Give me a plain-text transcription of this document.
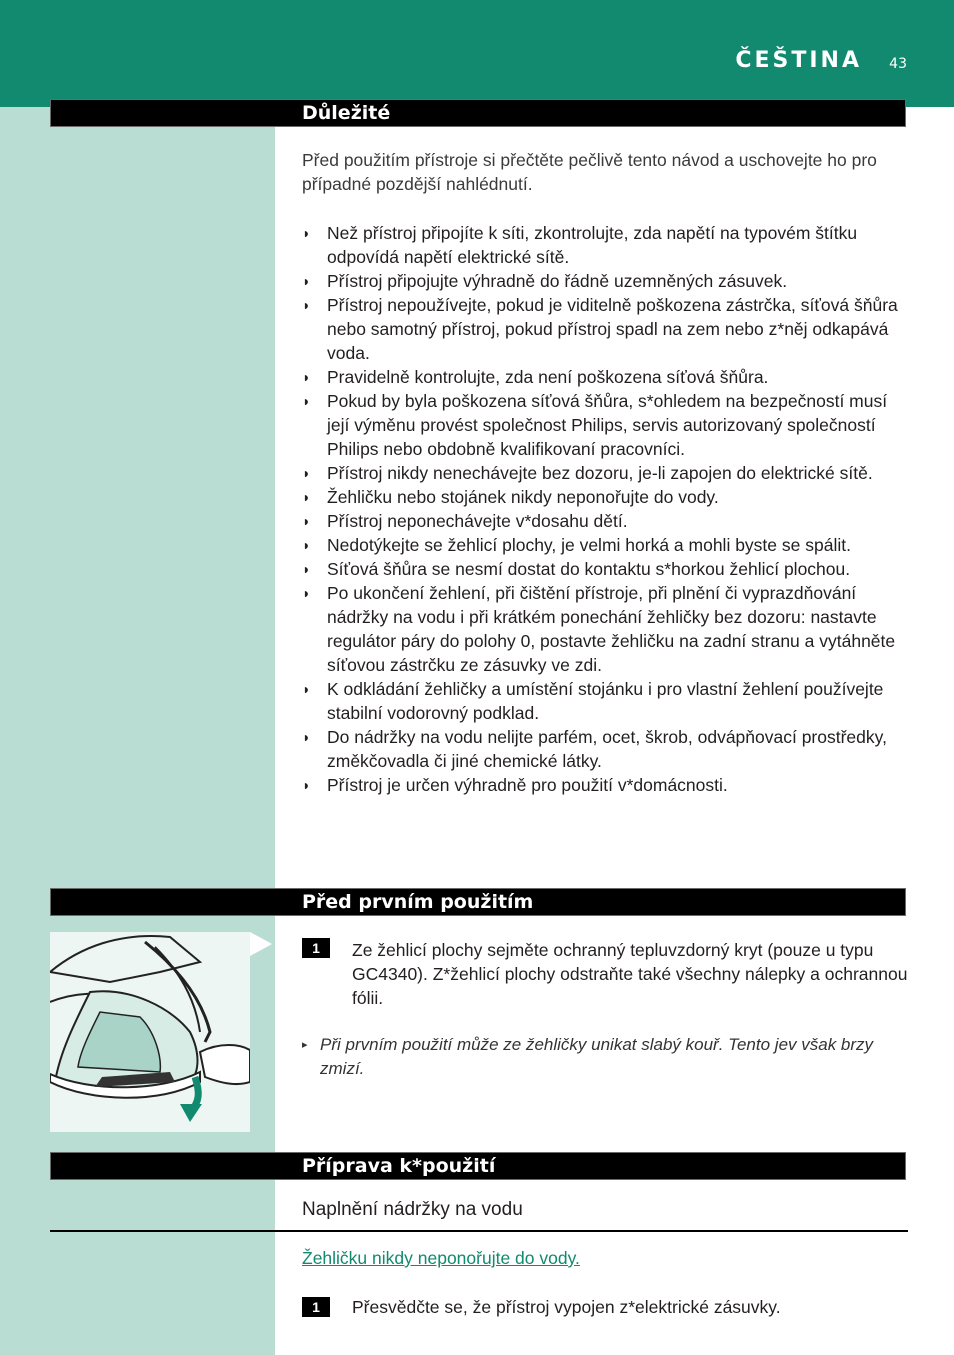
ČEŠTINA 43
Důležité
Před použitím přístroje si přečtěte pečlivě tento návod a uschovejte ho pro případné pozdější nahlédnutí.
◗ Než přístroj připojíte k síti, zkontrolujte, zda napětí na typovém štítku odpovídá napětí elektrické sítě.
◗ Přístroj připojujte výhradně do řádně uzemněných zásuvek.
◗ Přístroj nepoužívejte, pokud je viditelně poškozena zástrčka, síťová šňůra nebo samotný přístroj, pokud přístroj spadl na zem nebo z*něj odkapává voda.
◗ Pravidelně kontrolujte, zda není poškozena síťová šňůra.
◗ Pokud by byla poškozena síťová šňůra, s*ohledem na bezpečností musí její výměnu provést společnost Philips, servis autorizovaný společností Philips nebo obdobně kvalifikovaní pracovníci.
◗ Přístroj nikdy nenechávejte bez dozoru, je-li zapojen do elektrické sítě.
◗ Žehličku nebo stojánek nikdy neponořujte do vody.
◗ Přístroj neponechávejte v*dosahu dětí.
◗ Nedotýkejte se žehlicí plochy, je velmi horká a mohli byste se spálit.
◗ Síťová šňůra se nesmí dostat do kontaktu s*horkou žehlicí plochou.
◗ Po ukončení žehlení, při čištění přístroje, při plnění či vyprazdňování nádržky na vodu i při krátkém ponechání žehličky bez dozoru: nastavte regulátor páry do polohy 0, postavte žehličku na zadní stranu a vytáhněte síťovou zástrčku ze zásuvky ve zdi.
◗ K odkládání žehličky a umístění stojánku i pro vlastní žehlení používejte stabilní vodorovný podklad.
◗ Do nádržky na vodu nelijte parfém, ocet, škrob, odvápňovací prostředky, změkčovadla či jiné chemické látky.
◗ Přístroj je určen výhradně pro použití v*domácnosti.
Před prvním použitím
1	Ze žehlicí plochy sejměte ochranný tepluvzdorný kryt (pouze u typu GC4340). Z*žehlicí plochy odstraňte také všechny nálepky a ochrannou fólii.
▸ Při prvním použití může ze žehličky unikat slabý kouř. Tento jev však brzy zmizí.
Příprava k*použití
Naplnění nádržky na vodu
Žehličku nikdy neponořujte do vody.
1	Přesvědčte se, že přístroj vypojen z*elektrické zásuvky.
